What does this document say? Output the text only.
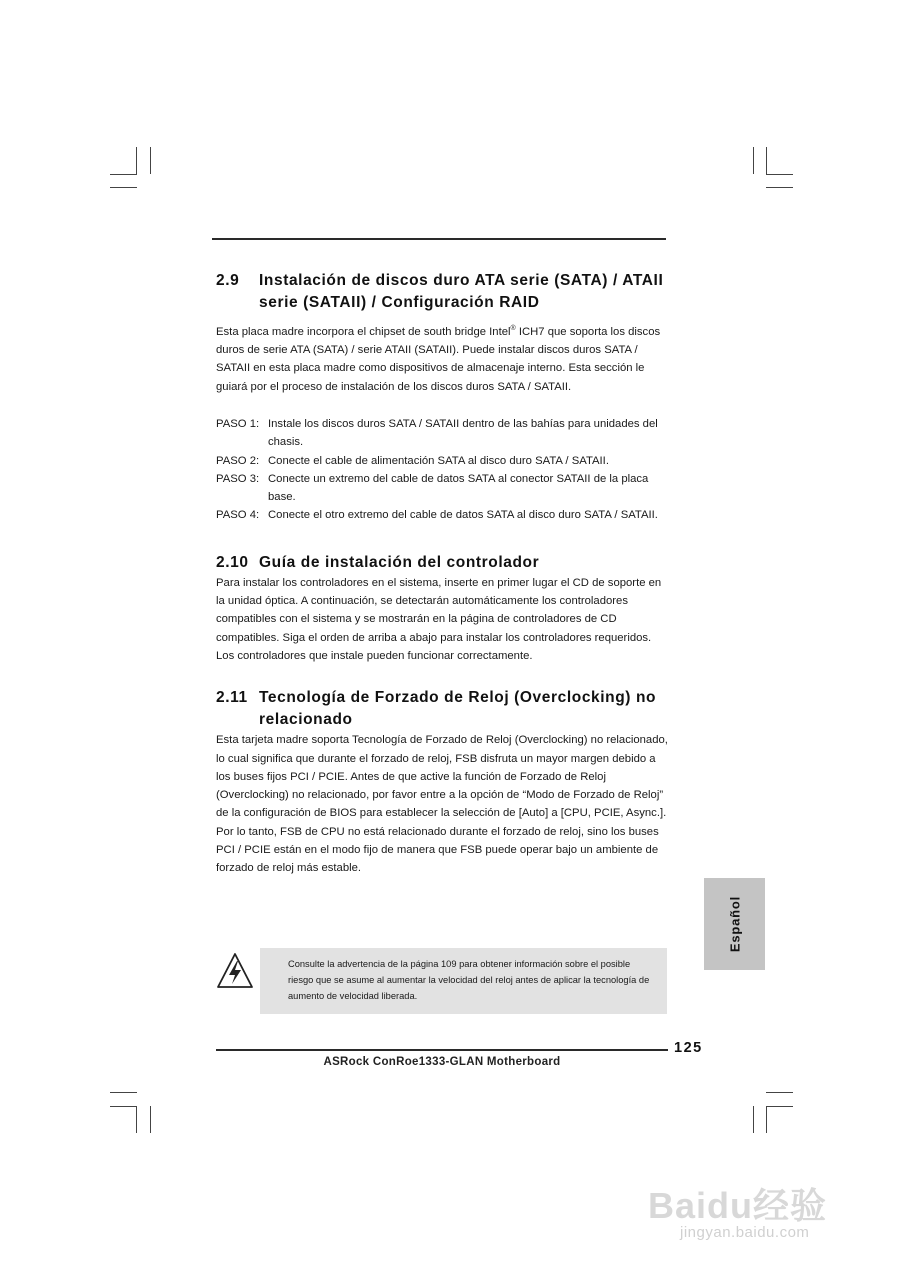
2.9	Instalación de discos duro ATA serie (SATA) / ATAII serie (SATAII) / Configuración RAID

Esta placa madre incorpora el chipset de south bridge Intel® ICH7 que soporta los discos duros de serie ATA (SATA) / serie ATAII (SATAII). Puede instalar discos duros SATA / SATAII en esta placa madre como dispositivos de almacenaje interno. Esta sección le guiará por el proceso de instalación de los discos duros SATA / SATAII.

PASO 1: Instale los discos duros SATA / SATAII dentro de las bahías para unidades del chasis.
PASO 2: Conecte el cable de alimentación SATA al disco duro SATA / SATAII.
PASO 3: Conecte un extremo del cable de datos SATA al conector SATAII de la placa base.
PASO 4: Conecte el otro extremo del cable de datos SATA al disco duro SATA / SATAII.
2.10 Guía de instalación del controlador

Para instalar los controladores en el sistema, inserte en primer lugar el CD de soporte en la unidad óptica. A continuación, se detectarán automáticamente los controladores compatibles con el sistema y se mostrarán en la página de controladores de CD compatibles. Siga el orden de arriba a abajo para instalar los controladores requeridos. Los controladores que instale pueden funcionar correctamente.

2.11 Tecnología de Forzado de Reloj (Overclocking) no relacionado

Esta tarjeta madre soporta Tecnología de Forzado de Reloj (Overclocking) no relacionado, lo cual significa que durante el forzado de reloj, FSB disfruta un mayor margen debido a los buses fijos PCI / PCIE. Antes de que active la función de Forzado de Reloj (Overclocking) no relacionado, por favor entre a la opción de “Modo de Forzado de Reloj” de la configuración de BIOS para establecer la selección de [Auto] a [CPU, PCIE, Async.]. Por lo tanto, FSB de CPU no está relacionado durante el forzado de reloj, sino los buses PCI / PCIE están en el modo fijo de manera que FSB puede operar bajo un ambiente de forzado de reloj más estable.

Consulte la advertencia de la página 109 para obtener información sobre el posible riesgo que se asume al aumentar la velocidad del reloj antes de aplicar la tecnología de aumento de velocidad liberada.
Español
125
ASRock ConRoe1333-GLAN Motherboard
Baidu经验
jingyan.baidu.com
